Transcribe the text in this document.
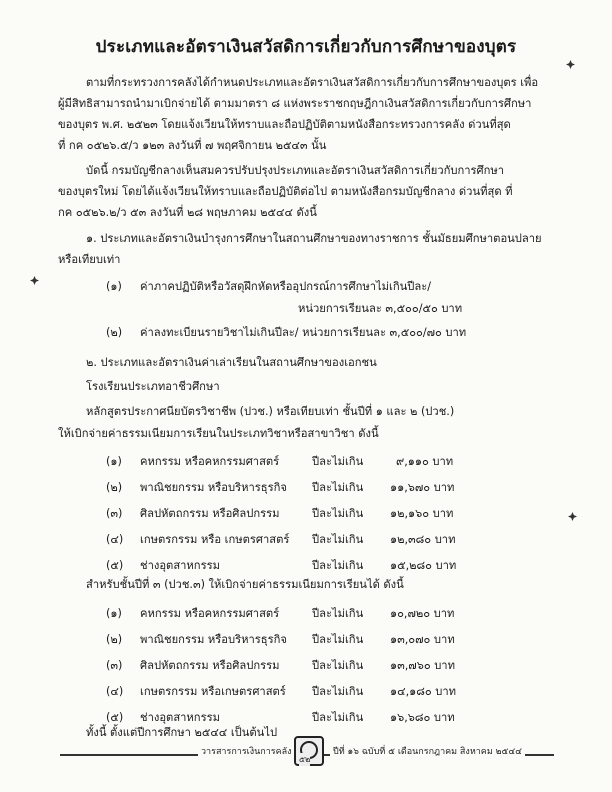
ประเภทและอัตราเงินสวัสดิการเกี่ยวกับการศึกษาของบุตร
ตามที่กระทรวงการคลังได้กำหนดประเภทและอัตราเงินสวัสดิการเกี่ยวกับการศึกษาของบุตร เพื่อ
ผู้มีสิทธิสามารถนำมาเบิกจ่ายได้ ตามมาตรา ๘ แห่งพระราชกฤษฎีกาเงินสวัสดิการเกี่ยวกับการศึกษา
ของบุตร พ.ศ. ๒๕๒๓ โดยแจ้งเวียนให้ทราบและถือปฏิบัติตามหนังสือกระทรวงการคลัง ด่วนที่สุด
ที่ กค ๐๕๒๖.๕/ว ๑๒๓ ลงวันที่ ๗ พฤศจิกายน ๒๕๔๓ นั้น
บัดนี้ กรมบัญชีกลางเห็นสมควรปรับปรุงประเภทและอัตราเงินสวัสดิการเกี่ยวกับการศึกษา
ของบุตรใหม่ โดยได้แจ้งเวียนให้ทราบและถือปฏิบัติต่อไป ตามหนังสือกรมบัญชีกลาง ด่วนที่สุด ที่
กค ๐๕๒๖.๒/ว ๕๓ ลงวันที่ ๒๘ พฤษภาคม ๒๕๔๔ ดังนี้
๑. ประเภทและอัตราเงินบำรุงการศึกษาในสถานศึกษาของทางราชการ ชั้นมัธยมศึกษาตอนปลาย
หรือเทียบเท่า
(๑) ค่าภาคปฏิบัติหรือวัสดุฝึกหัดหรืออุปกรณ์การศึกษาไม่เกินปีละ/
หน่วยการเรียนละ ๓,๕๐๐/๕๐ บาท
(๒) ค่าลงทะเบียนรายวิชาไม่เกินปีละ/ หน่วยการเรียนละ ๓,๕๐๐/๗๐ บาท
๒. ประเภทและอัตราเงินค่าเล่าเรียนในสถานศึกษาของเอกชน
โรงเรียนประเภทอาชีวศึกษา
หลักสูตรประกาศนียบัตรวิชาชีพ (ปวช.) หรือเทียบเท่า ชั้นปีที่ ๑ และ ๒ (ปวช.)
ให้เบิกจ่ายค่าธรรมเนียมการเรียนในประเภทวิชาหรือสาขาวิชา ดังนี้
(๑) คหกรรม หรือคหกรรมศาสตร์	ปีละไม่เกิน	๙,๑๑๐ บาท
(๒) พาณิชยกรรม หรือบริหารธุรกิจ ปีละไม่เกิน ๑๑,๖๗๐ บาท
(๓) ศิลปหัตถกรรม หรือศิลปกรรม	ปีละไม่เกิน ๑๒,๑๖๐ บาท
(๔) เกษตรกรรม หรือ เกษตรศาสตร์ ปีละไม่เกิน ๑๒,๓๘๐ บาท
(๕) ช่างอุตสาหกรรม	ปีละไม่เกิน ๑๕,๒๘๐ บาท
สำหรับชั้นปีที่ ๓ (ปวช.๓) ให้เบิกจ่ายค่าธรรมเนียมการเรียนได้ ดังนี้
(๑) คหกรรม หรือคหกรรมศาสตร์	ปีละไม่เกิน ๑๐,๗๒๐ บาท
(๒) พาณิชยกรรม หรือบริหารธุรกิจ ปีละไม่เกิน ๑๓,๐๗๐ บาท
(๓) ศิลปหัตถกรรม หรือศิลปกรรม	ปีละไม่เกิน ๑๓,๗๖๐ บาท
(๔) เกษตรกรรม หรือเกษตรศาสตร์ ปีละไม่เกิน ๑๔,๑๘๐ บาท
(๕) ช่างอุตสาหกรรม	ปีละไม่เกิน ๑๖,๖๘๐ บาท
ทั้งนี้ ตั้งแต่ปีการศึกษา ๒๕๔๔ เป็นต้นไป
วารสารการเงินการคลัง
๕๒
ปีที่ ๑๖ ฉบับที่ ๕ เดือนกรกฎาคม สิงหาคม ๒๕๔๔
